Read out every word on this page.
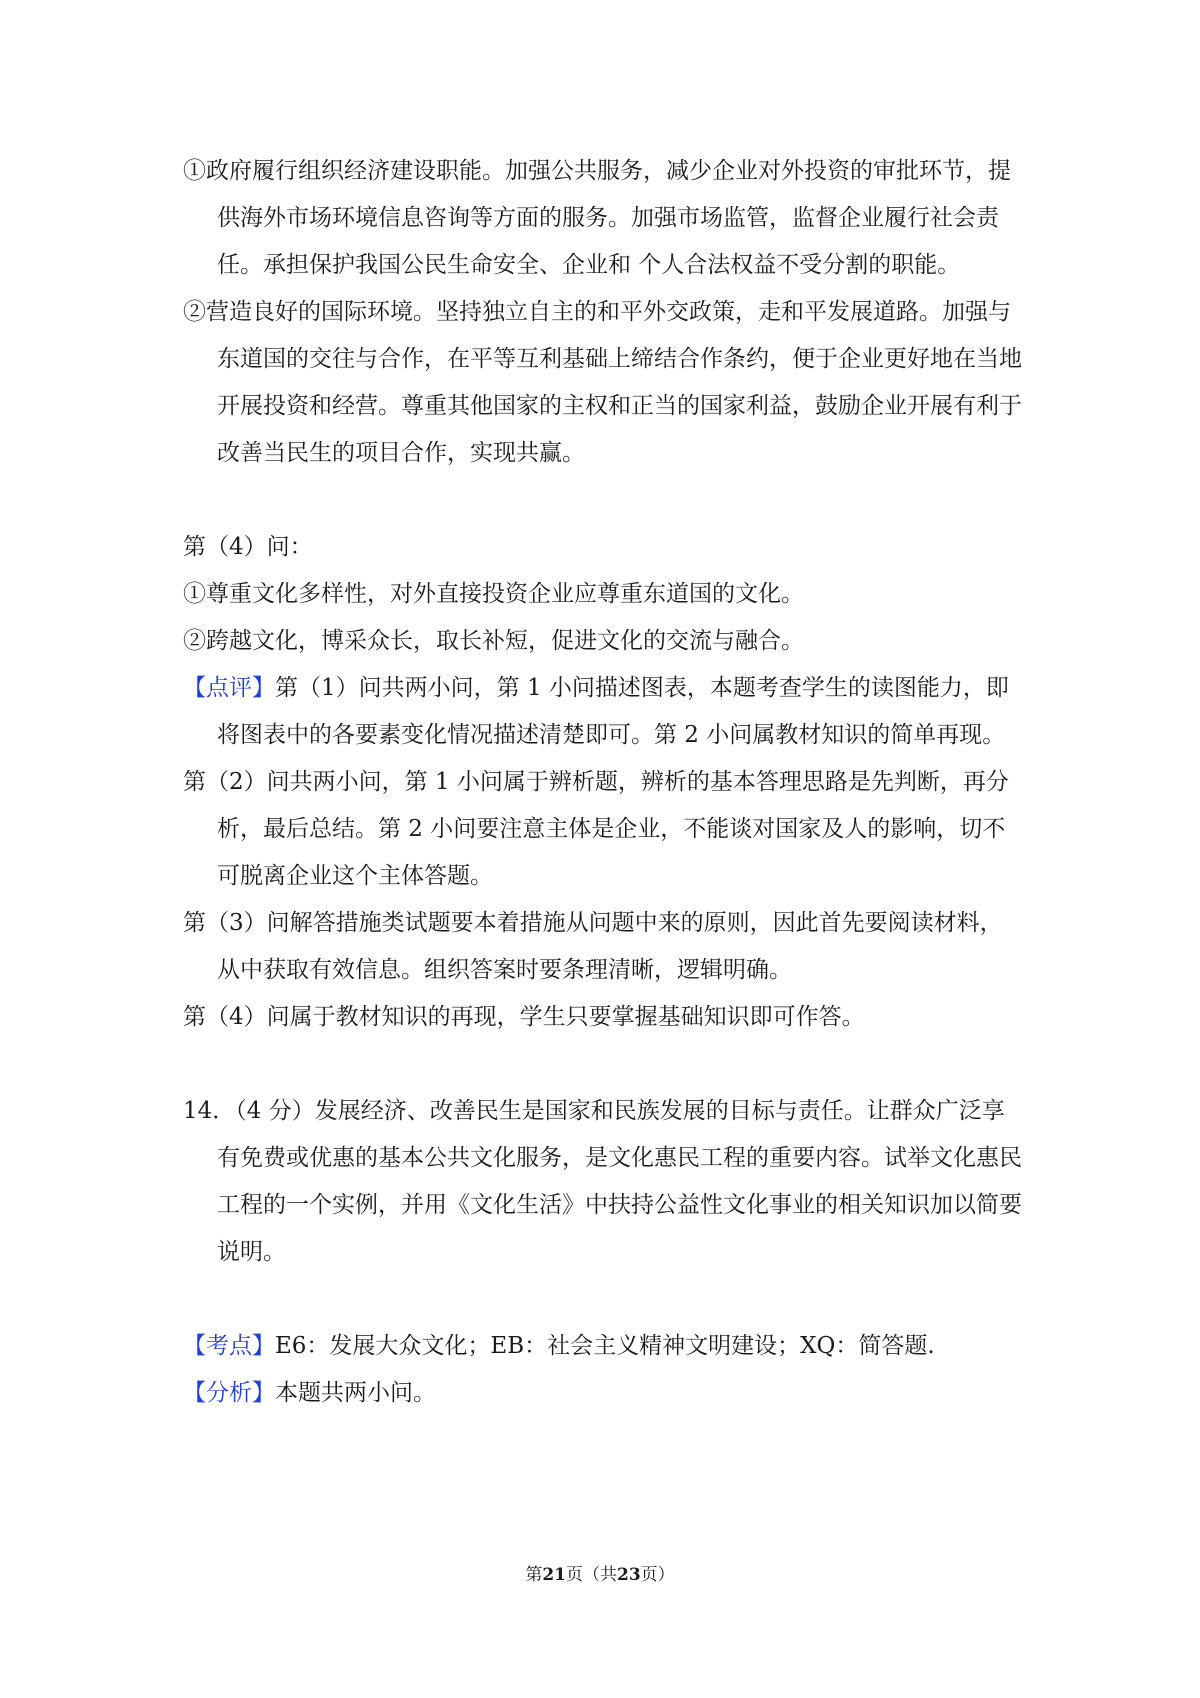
①政府履行组织经济建设职能。加强公共服务，减少企业对外投资的审批环节，提供海外市场环境信息咨询等方面的服务。加强市场监管，监督企业履行社会责任。承担保护我国公民生命安全、企业和 个人合法权益不受分割的职能。

②营造良好的国际环境。坚持独立自主的和平外交政策，走和平发展道路。加强与东道国的交往与合作，在平等互利基础上缔结合作条约，便于企业更好地在当地开展投资和经营。尊重其他国家的主权和正当的国家利益，鼓励企业开展有利于改善当民生的项目合作，实现共赢。

第（4）问：

①尊重文化多样性，对外直接投资企业应尊重东道国的文化。

②跨越文化，博采众长，取长补短，促进文化的交流与融合。

【点评】第（1）问共两小问，第 1 小问描述图表，本题考查学生的读图能力，即将图表中的各要素变化情况描述清楚即可。第 2 小问属教材知识的简单再现。

第（2）问共两小问，第 1 小问属于辨析题，辨析的基本答理思路是先判断，再分析，最后总结。第 2 小问要注意主体是企业，不能谈对国家及人的影响，切不可脱离企业这个主体答题。

第（3）问解答措施类试题要本着措施从问题中来的原则，因此首先要阅读材料，从中获取有效信息。组织答案时要条理清晰，逻辑明确。

第（4）问属于教材知识的再现，学生只要掌握基础知识即可作答。

14．（4 分）发展经济、改善民生是国家和民族发展的目标与责任。让群众广泛享有免费或优惠的基本公共文化服务，是文化惠民工程的重要内容。试举文化惠民工程的一个实例，并用《文化生活》中扶持公益性文化事业的相关知识加以简要说明。

【考点】E6：发展大众文化；EB：社会主义精神文明建设；XQ：简答题.

【分析】本题共两小问。

第21页（共23页）
